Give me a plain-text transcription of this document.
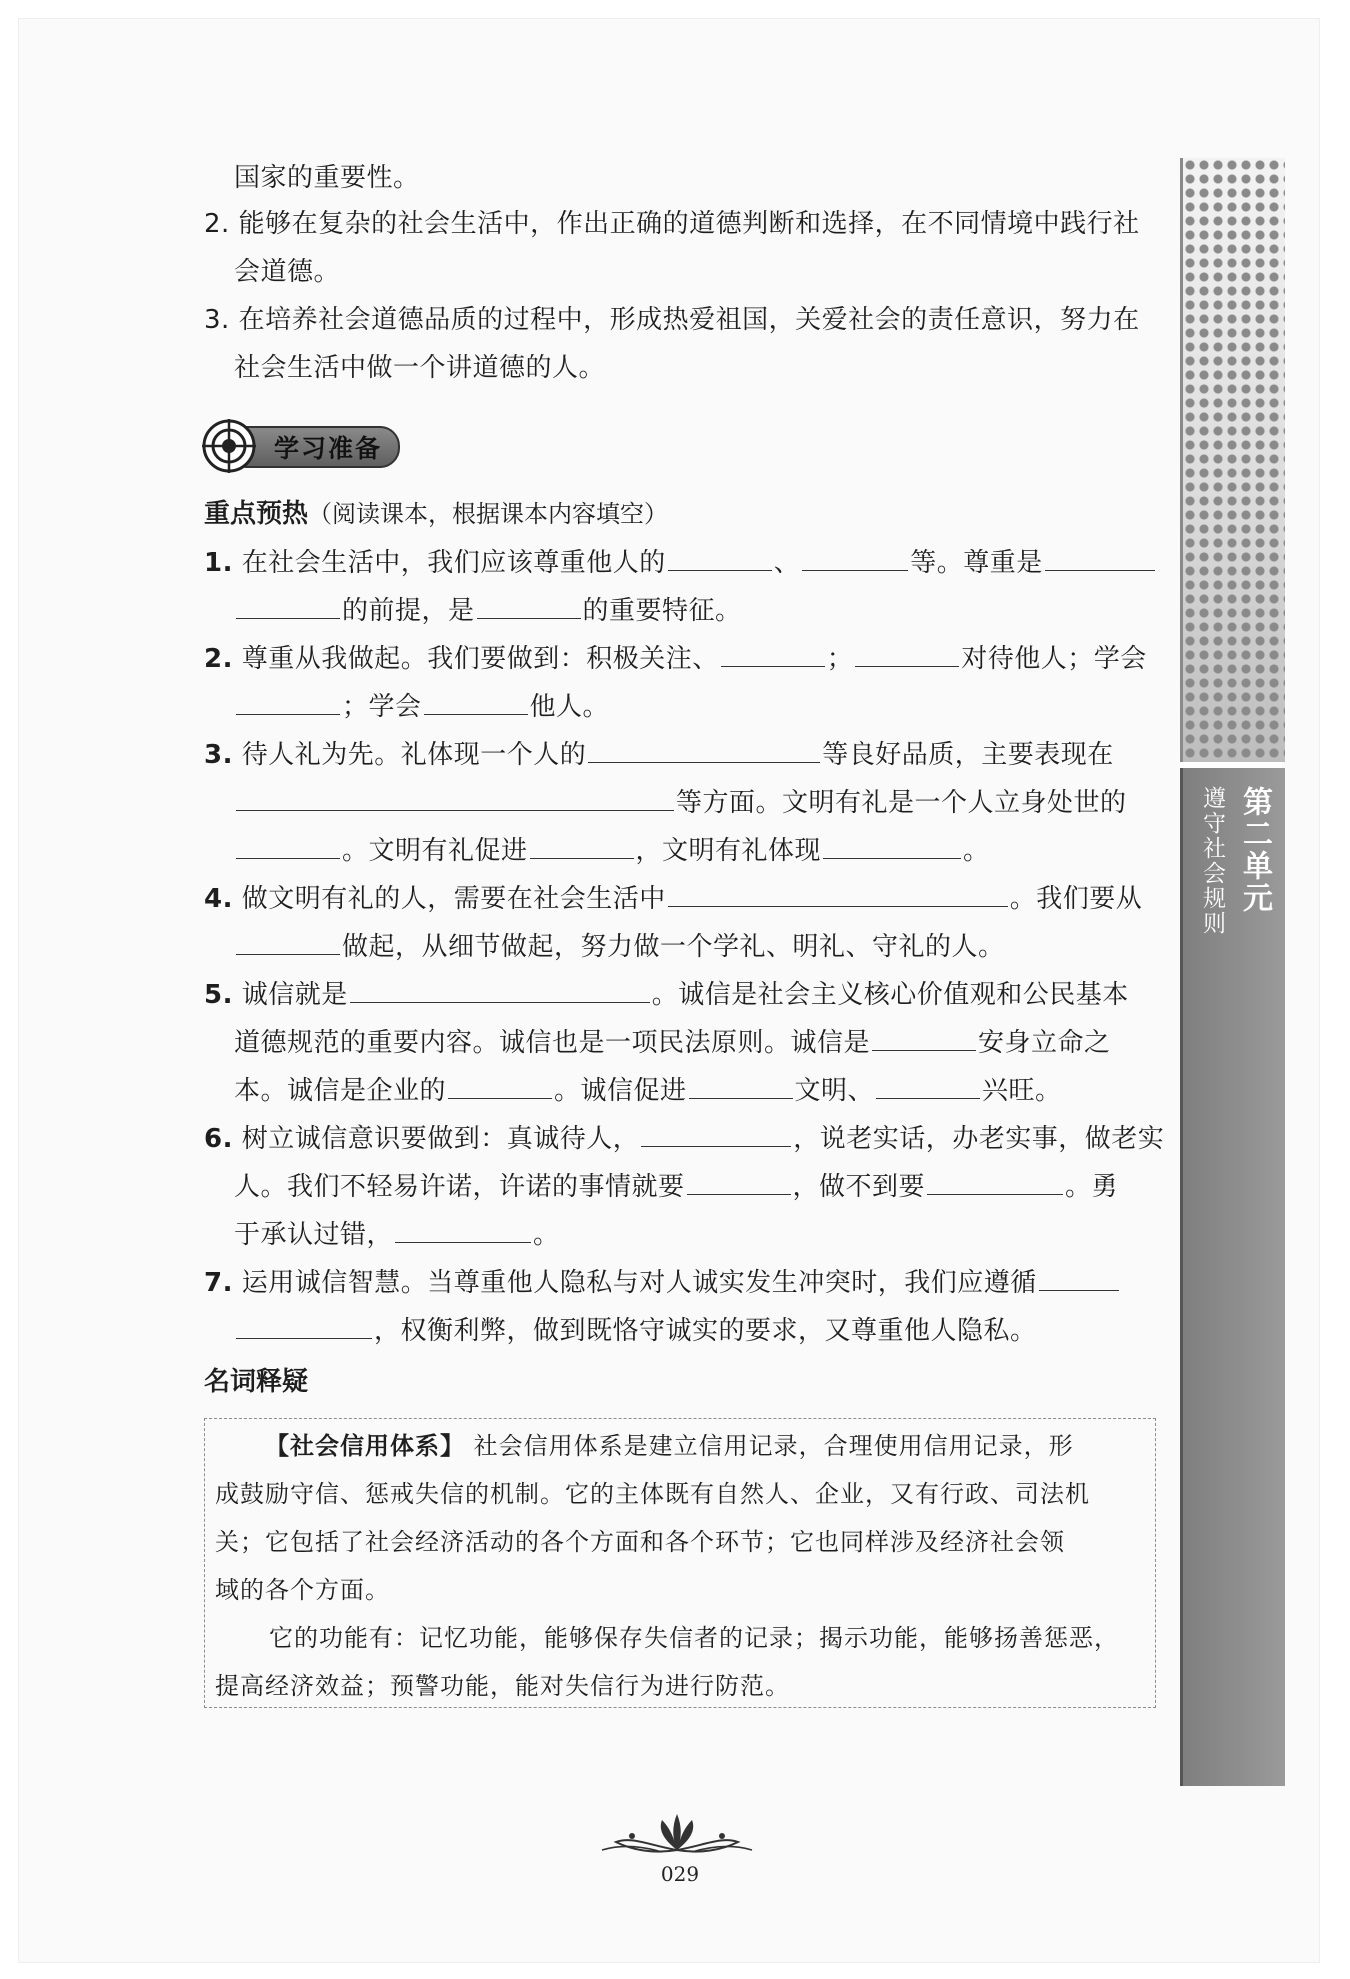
国家的重要性。
2. 能够在复杂的社会生活中，作出正确的道德判断和选择，在不同情境中践行社
会道德。
3. 在培养社会道德品质的过程中，形成热爱祖国，关爱社会的责任意识，努力在
社会生活中做一个讲道德的人。
学习准备
重点预热（阅读课本，根据课本内容填空）
1. 在社会生活中，我们应该尊重他人的	、	等。尊重是
的前提，是	的重要特征。
2. 尊重从我做起。我们要做到：积极关注、	；	对待他人；学会
；学会	他人。
3. 待人礼为先。礼体现一个人的	等良好品质，主要表现在
等方面。文明有礼是一个人立身处世的
。文明有礼促进	，文明有礼体现	。
4. 做文明有礼的人，需要在社会生活中	。我们要从
做起，从细节做起，努力做一个学礼、明礼、守礼的人。
5. 诚信就是	。诚信是社会主义核心价值观和公民基本
道德规范的重要内容。诚信也是一项民法原则。诚信是	安身立命之
本。诚信是企业的	。诚信促进	文明、	兴旺。
6. 树立诚信意识要做到：真诚待人，	，说老实话，办老实事，做老实
人。我们不轻易许诺，许诺的事情就要	，做不到要	。勇
于承认过错，	。
7. 运用诚信智慧。当尊重他人隐私与对人诚实发生冲突时，我们应遵循
，权衡利弊，做到既恪守诚实的要求，又尊重他人隐私。
名词释疑
【社会信用体系】 社会信用体系是建立信用记录，合理使用信用记录，形
成鼓励守信、惩戒失信的机制。它的主体既有自然人、企业，又有行政、司法机
关；它包括了社会经济活动的各个方面和各个环节；它也同样涉及经济社会领
域的各个方面。
它的功能有：记忆功能，能够保存失信者的记录；揭示功能，能够扬善惩恶，
提高经济效益；预警功能，能对失信行为进行防范。
第二单元
遵守社会规则
029
